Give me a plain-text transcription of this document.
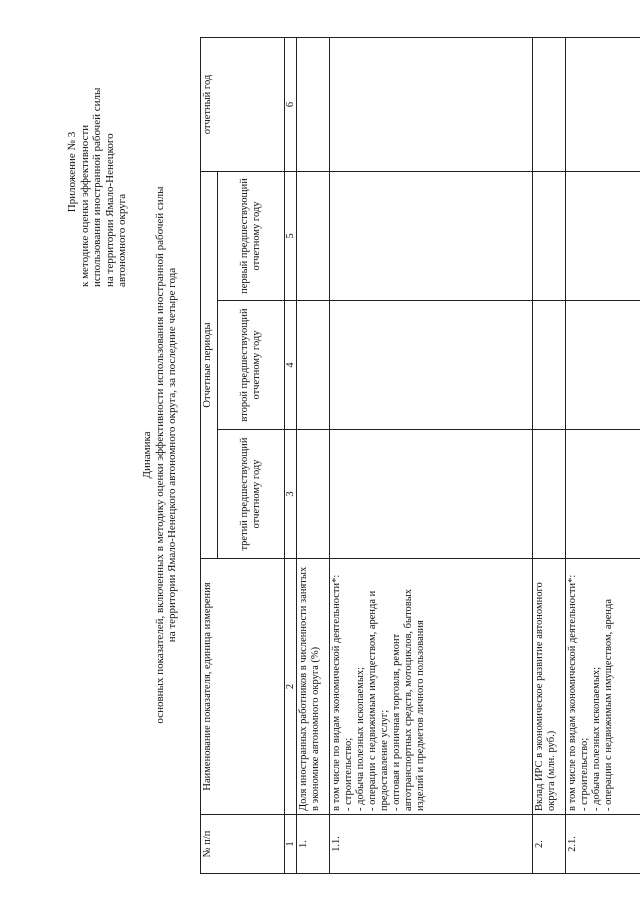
Приложение № 3 к методике оценки эффективности использования иностранной рабочей силы на территории Ямало-Ненецкого автономного округа
Динамика основных показателей, включенных в методику оценки эффективности использования иностранной рабочей силы на территории Ямало-Ненецкого автономного округа, за последние четыре года
№ п/п	Наименование показателя, единица измерения	Отчетные периоды			отчетный год
		третий предшествующий отчетному году	второй предшествующий отчетному году	первый предшествующий отчетному году	
1	2	3	4	5	6
1.	Доля иностранных работников в численности занятых в экономике автономного округа (%)				
1.1.	в том числе по видам экономической деятельности*: - строительство; - добыча полезных ископаемых; - операции с недвижимым имуществом, аренда и предоставление услуг; - оптовая и розничная торговля, ремонт автотранспортных средств, мотоциклов, бытовых изделий и предметов личного пользования				

2.	Вклад ИРС в экономическое развитие автономного округа (млн. руб.)				
2.1.	в том числе по видам экономической деятельности*: - строительство; - добыча полезных ископаемых; - операции с недвижимым имуществом, аренда				
